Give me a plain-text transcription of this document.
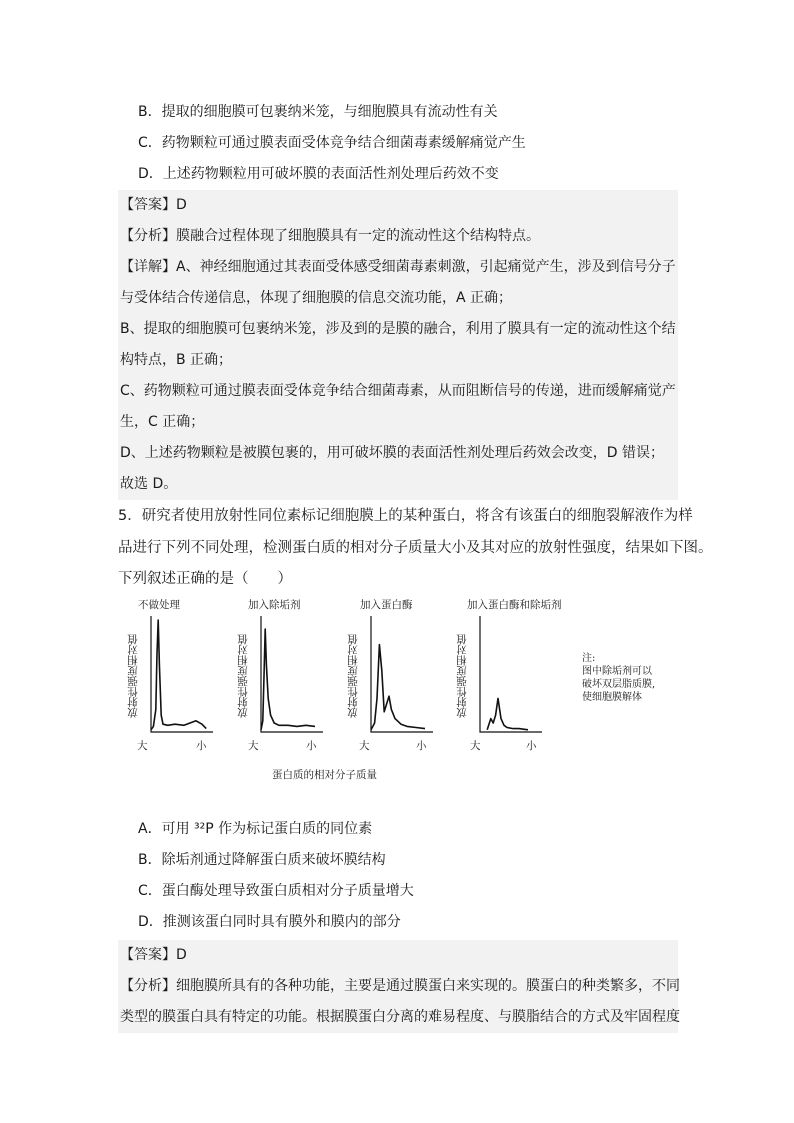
B．提取的细胞膜可包裹纳米笼，与细胞膜具有流动性有关
C．药物颗粒可通过膜表面受体竞争结合细菌毒素缓解痛觉产生
D．上述药物颗粒用可破坏膜的表面活性剂处理后药效不变
【答案】D
【分析】膜融合过程体现了细胞膜具有一定的流动性这个结构特点。
【详解】A、神经细胞通过其表面受体感受细菌毒素刺激，引起痛觉产生，涉及到信号分子
与受体结合传递信息，体现了细胞膜的信息交流功能，A 正确；
B、提取的细胞膜可包裹纳米笼，涉及到的是膜的融合，利用了膜具有一定的流动性这个结
构特点，B 正确；
C、药物颗粒可通过膜表面受体竞争结合细菌毒素，从而阻断信号的传递，进而缓解痛觉产
生，C 正确；
D、上述药物颗粒是被膜包裹的，用可破坏膜的表面活性剂处理后药效会改变，D 错误；
故选 D。
5．研究者使用放射性同位素标记细胞膜上的某种蛋白，将含有该蛋白的细胞裂解液作为样
品进行下列不同处理，检测蛋白质的相对分子质量大小及其对应的放射性强度，结果如下图。
下列叙述正确的是（　　）
不做处理	加入除垢剂	加入蛋白酶	加入蛋白酶和除垢剂
放射性强度相对值	放射性强度相对值	放射性强度相对值	放射性强度相对值
大	小	大	小	大	小	大	小
蛋白质的相对分子质量
注:
图中除垢剂可以
破坏双层脂质膜,
使细胞膜解体
A．可用 ³²P 作为标记蛋白质的同位素
B．除垢剂通过降解蛋白质来破坏膜结构
C．蛋白酶处理导致蛋白质相对分子质量增大
D．推测该蛋白同时具有膜外和膜内的部分
【答案】D
【分析】细胞膜所具有的各种功能，主要是通过膜蛋白来实现的。膜蛋白的种类繁多，不同
类型的膜蛋白具有特定的功能。根据膜蛋白分离的难易程度、与膜脂结合的方式及牢固程度
